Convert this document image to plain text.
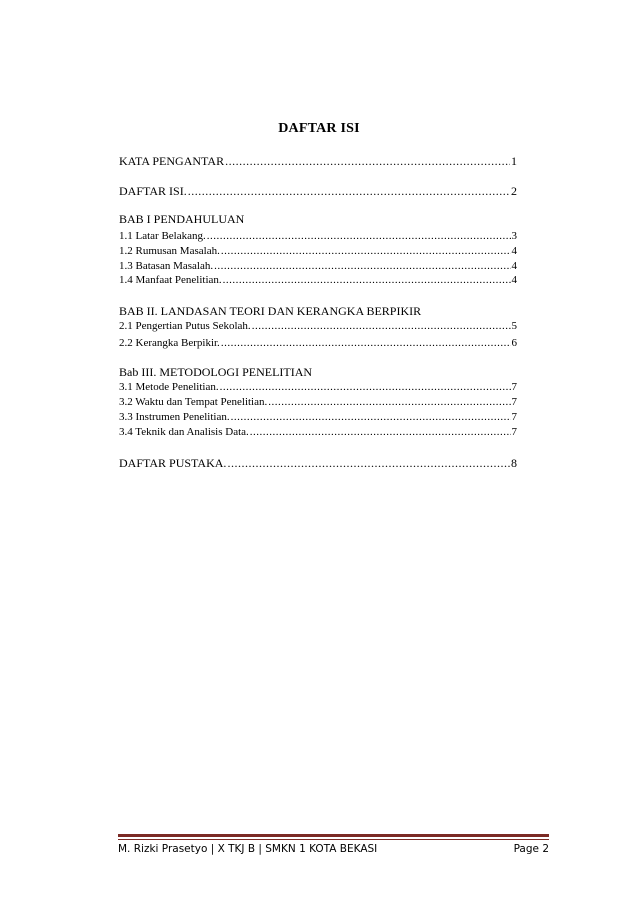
DAFTAR ISI
KATA PENGANTAR .....	1
DAFTAR ISI. .....	2
BAB I PENDAHULUAN
1.1 Latar Belakang. .....	3
1.2 Rumusan Masalah. .....	4
1.3 Batasan Masalah. .....	4
1.4 Manfaat Penelitian. .....	4
BAB II. LANDASAN TEORI DAN KERANGKA BERPIKIR
2.1 Pengertian Putus Sekolah. .....	5
2.2 Kerangka Berpikir. .....	6
Bab III. METODOLOGI PENELITIAN
3.1 Metode Penelitian. .....	7
3.2 Waktu dan Tempat Penelitian. .....	7
3.3 Instrumen Penelitian. .....	7
3.4 Teknik dan Analisis Data. .....	7
DAFTAR PUSTAKA. .....	8
M. Rizki Prasetyo | X TKJ B | SMKN 1 KOTA BEKASI	Page 2
